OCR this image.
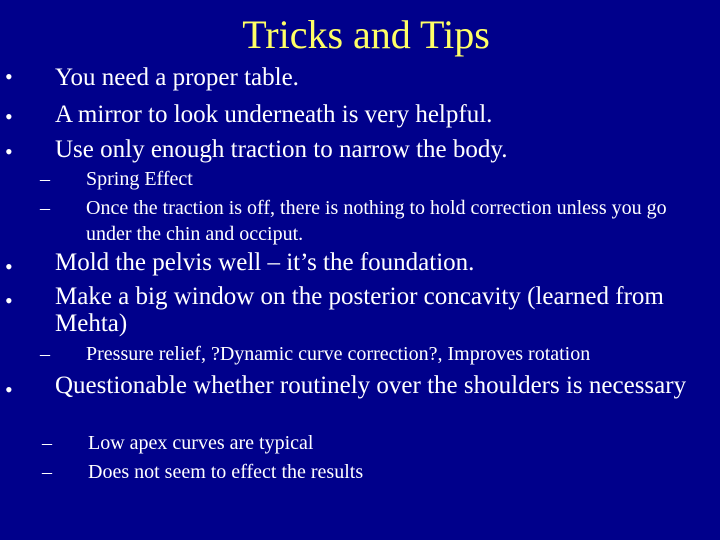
Tricks and Tips
• You need a proper table.
• A mirror to look underneath is very helpful.
• Use only enough traction to narrow the body.
– Spring Effect
– Once the traction is off, there is nothing to hold correction unless you go under the chin and occiput.
• Mold the pelvis well – it’s the foundation.
• Make a big window on the posterior concavity (learned from Mehta)
– Pressure relief, ?Dynamic curve correction?, Improves rotation
• Questionable whether routinely over the shoulders is necessary
– Low apex curves are typical
– Does not seem to effect the results
